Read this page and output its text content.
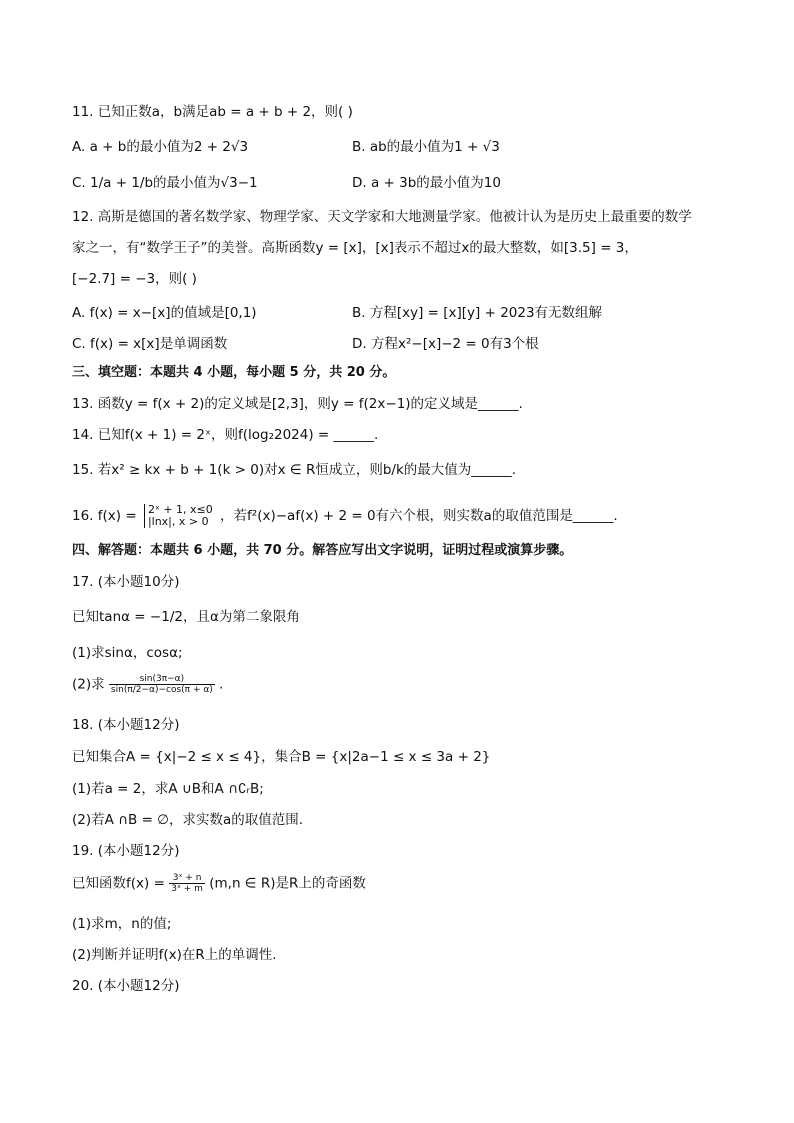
11. 已知正数a，b满足ab = a + b + 2，则( )
A. a + b的最小值为2 + 2√3	B. ab的最小值为1 + √3
C. 1/a + 1/b的最小值为√3−1	D. a + 3b的最小值为10
12. 高斯是德国的著名数学家、物理学家、天文学家和大地测量学家。他被计认为是历史上最重要的数学
家之一，有“数学王子”的美誉。高斯函数y = [x]，[x]表示不超过x的最大整数，如[3.5] = 3，
[−2.7] = −3，则( )
A. f(x) = x−[x]的值域是[0,1)	B. 方程[xy] = [x][y] + 2023有无数组解
C. f(x) = x[x]是单调函数	D. 方程x²−[x]−2 = 0有3个根
三、填空题：本题共 4 小题，每小题 5 分，共 20 分。
13. 函数y = f(x + 2)的定义域是[2,3]，则y = f(2x−1)的定义域是______.
14. 已知f(x + 1) = 2ˣ，则f(log₂2024) = ______.
15. 若x² ≥ kx + b + 1(k > 0)对x ∈ R恒成立，则b/k的最大值为______.
16. f(x) = 2ˣ + 1, x≤0
|lnx|, x > 0 ，若f²(x)−af(x) + 2 = 0有六个根，则实数a的取值范围是______.
四、解答题：本题共 6 小题，共 70 分。解答应写出文字说明，证明过程或演算步骤。
17. (本小题10分)
已知tanα = −1/2，且α为第二象限角
(1)求sinα，cosα;
(2)求 $\frac{\sin(3\pi-\alpha)}{\sin(\pi/2-\alpha)-\cos(\pi + \alpha)}$ .
18. (本小题12分)
已知集合A = {x|−2 ≤ x ≤ 4}，集合B = {x|2a−1 ≤ x ≤ 3a + 2}
(1)若a = 2，求A ∪B和A ∩∁ᵣB;
(2)若A ∩B = ∅，求实数a的取值范围.
19. (本小题12分)
已知函数$f(x) = \frac{\text{3ˣ + n}}{\text{3ˣ + m}} (m,n$ ∈ R)是R上的奇函数
(1)求m，n的值;
(2)判断并证明f(x)在R上的单调性.
20. (本小题12分)
